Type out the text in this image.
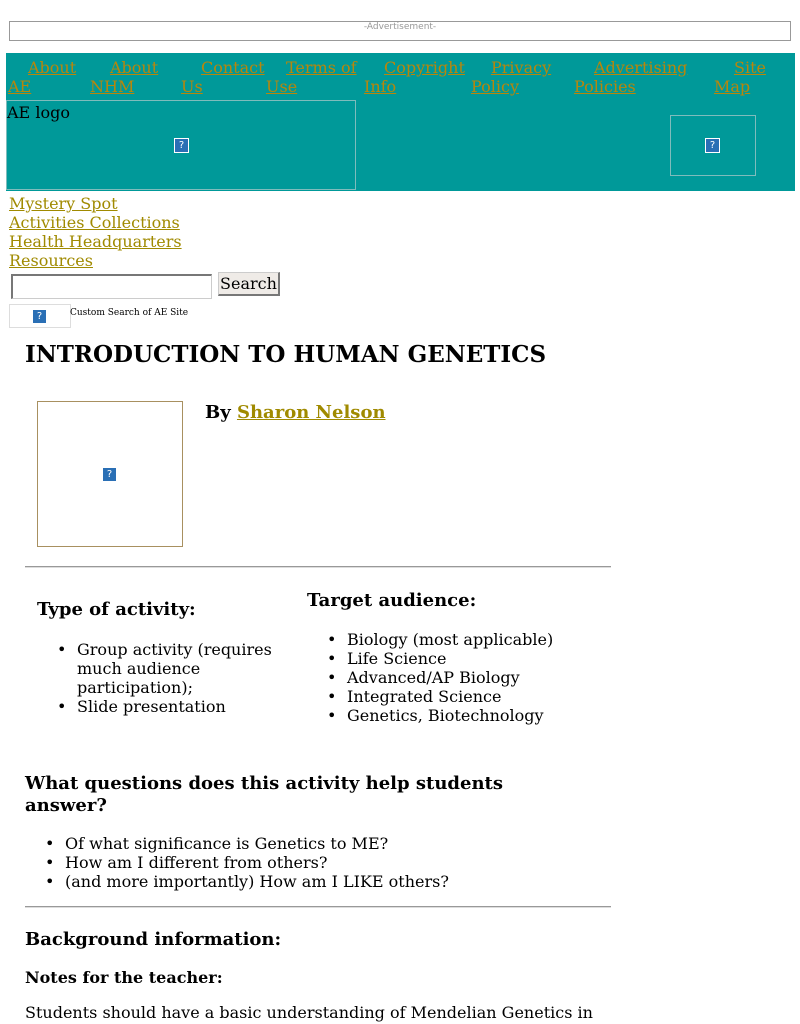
-Advertisement-
About
AE
About
NHM
Contact
Us
Terms of
Use
Copyright
Info
Privacy
Policy
Advertising
Policies
Site
Map
AE logo
?	?
Mystery Spot
Activities Collections
Health Headquarters
Resources
Search
?	Custom Search of AE Site
INTRODUCTION TO HUMAN GENETICS
?
By Sharon Nelson
Type of activity:
• Group activity (requires much audience participation);
• Slide presentation
Target audience:
• Biology (most applicable)
• Life Science
• Advanced/AP Biology
• Integrated Science
• Genetics, Biotechnology
What questions does this activity help students answer?
• Of what significance is Genetics to ME?
• How am I different from others?
• (and more importantly) How am I LIKE others?
Background information:

Notes for the teacher:

Students should have a basic understanding of Mendelian Genetics in
